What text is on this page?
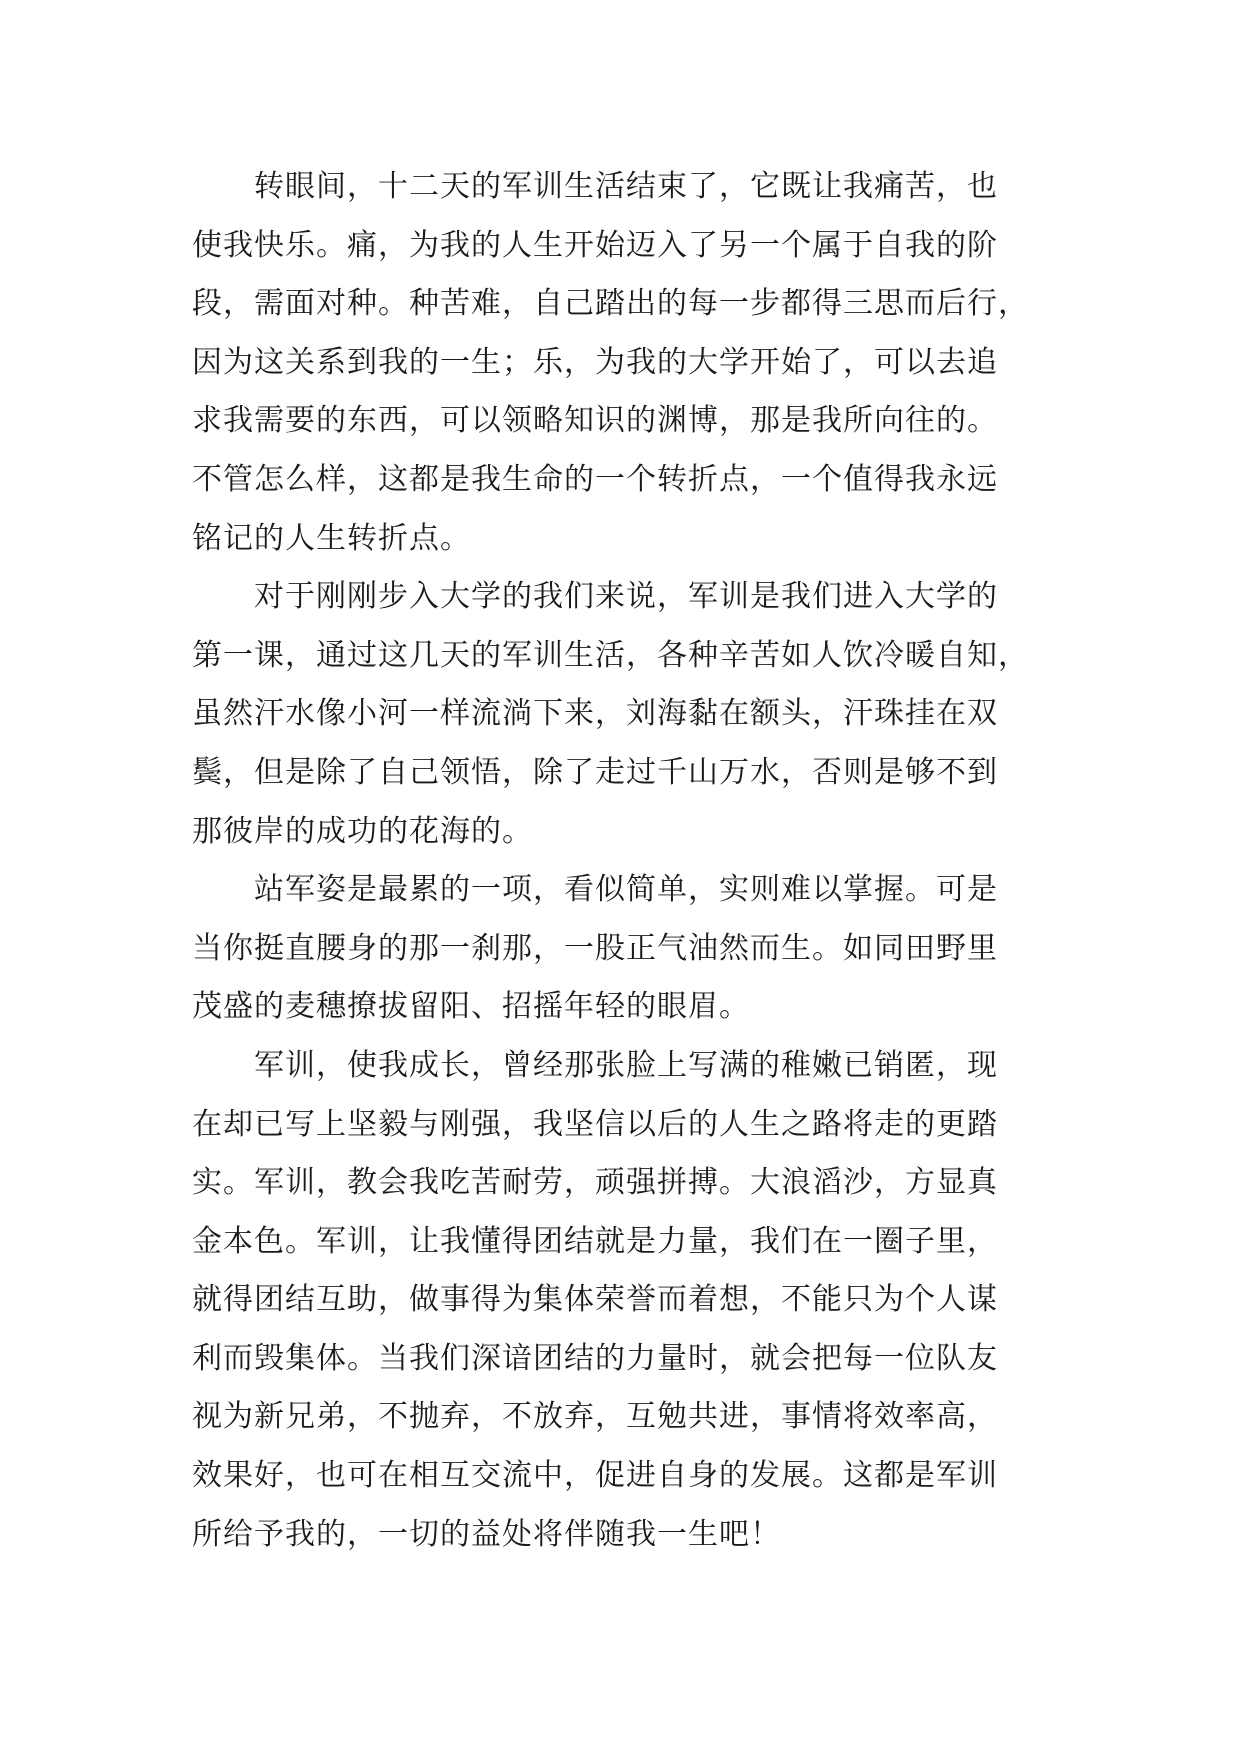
转眼间，十二天的军训生活结束了，它既让我痛苦，也
使我快乐。痛，为我的人生开始迈入了另一个属于自我的阶
段，需面对种。种苦难，自己踏出的每一步都得三思而后行，
因为这关系到我的一生；乐，为我的大学开始了，可以去追
求我需要的东西，可以领略知识的渊博，那是我所向往的。
不管怎么样，这都是我生命的一个转折点，一个值得我永远
铭记的人生转折点。
对于刚刚步入大学的我们来说，军训是我们进入大学的
第一课，通过这几天的军训生活，各种辛苦如人饮冷暖自知，
虽然汗水像小河一样流淌下来，刘海黏在额头，汗珠挂在双
鬓，但是除了自己领悟，除了走过千山万水，否则是够不到
那彼岸的成功的花海的。
站军姿是最累的一项，看似简单，实则难以掌握。可是
当你挺直腰身的那一刹那，一股正气油然而生。如同田野里
茂盛的麦穗撩拔留阳、招摇年轻的眼眉。
军训，使我成长，曾经那张脸上写满的稚嫩已销匿，现
在却已写上坚毅与刚强，我坚信以后的人生之路将走的更踏
实。军训，教会我吃苦耐劳，顽强拼搏。大浪滔沙，方显真
金本色。军训，让我懂得团结就是力量，我们在一圈子里，
就得团结互助，做事得为集体荣誉而着想，不能只为个人谋
利而毁集体。当我们深谙团结的力量时，就会把每一位队友
视为新兄弟，不抛弃，不放弃，互勉共进，事情将效率高，
效果好，也可在相互交流中，促进自身的发展。这都是军训
所给予我的，一切的益处将伴随我一生吧！
